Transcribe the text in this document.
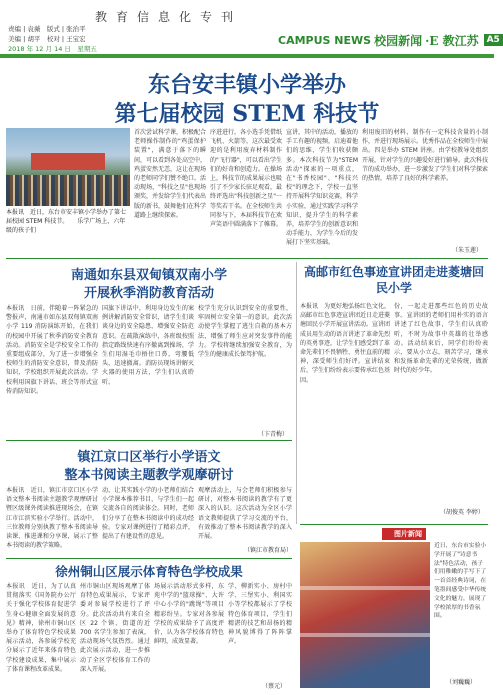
教育信息化专刊
责编 | 袁薇　版式 | 张治平
美编 | 胡平　校对 | 王宝宏
2018 年 12 月 14 日　星期五
CAMPUS NEWS 校园新闻 ·E 教江苏 A5
东台安丰镇小学举办
第七届校园 STEM 科技节
本报讯　近日，东台市安丰镇小学举办了第七届校园 STEM 科技节。　　乐学广场上，六年级的孩子们
首次尝试科学课，积极配合老师操作制作的"鸡蛋保护装置"，满意于落下的瞬间，可以看到各处高空中，鸡蛋安然无恙，这让在现场的老师同学们赞不绝口。活动现场，"科技之星"也现场颁奖，并发给学生们代表出版的新书，鼓舞他们在科学道路上继续探索。
序进进行，各小选手凭借纸飞机、火箭等，这次最受欢迎的是利用废弃材料制作的"飞行器"，可以看出学生们的好奇和创造力。在操场上，科技节的成果展示也吸引了不少家长驻足观看，最终评选出"科技创新之星"一等奖若干名。在全校师生共同参与下，本届科技节在欢声笑语中圆满落下了帷幕。
宣讲，其中的活动，播放的手工有趣的视频，启迪着他们的思维，学生们收获颇多。本次科技节为"STEM 活动"探索的一项重点，在"书香校园"、"科技兴校"的理念下，学校一直坚持开展科学知识竞赛，科学小实验，通过实践学习科学知识，提升学生的科学素养，培养学生的创新意识和动手能力，为学生今后的发展打下坚实基础。
利用废旧的材料，制作有一定科技含量的小制作，并进行现场展示。优秀作品在全校师生中展出。四是举办 STEM 讲座。由学校教导处组织开展，针对学生的兴趣爱好进行辅导。此次科技节的成功举办，进一步激发了学生们对科学探索的热情，培养了良好的科学素养。
（朱玉莲）
南通如东县双甸镇双南小学
开展秋季消防教育活动
本报讯　日前，伴随着一阵紧急的警报声，南通市如东县双甸镇双南小学 119 消防演练开始，在我们的校园中开展了秋季消防安全教育活动。消防安全是学校安全工作的重要组成部分，为了进一步增强全校师生的消防安全意识，普及消防知识，学校组织开展此次活动。学校利用国旗下讲话、班会等形式宣传消防知识。
国旗下讲话中，利用身边发生的案例讲解消防安全常识，请学生们谈谈身边的安全隐患，增强安全防范意识。在疏散演练中，各班级按照指定路线快速有序撤离到操场，学生们用湿毛巾捂住口鼻，弯腰低头，迅速撤离。消防员现场讲解灭火器的使用方法，学生们认真聆听。
校学生充分认识到安全的重要性，牢固树立安全第一的意识。此次活动使学生掌握了逃生自救的基本方法，增强了师生应对突发事件的能力。学校将继续加强安全教育，为学生的健康成长保驾护航。
（卞青梅）
高邮市红色事迹宣讲团走进菱塘回民小学
本报讯　为更好地弘扬红色文化，高邮市红色事迹宣讲团近日走进菱塘回民小学开展宣讲活动。宣讲团成员用生动的语言讲述了革命先烈的英勇事迹，让学生们感受到了革命先辈们不畏牺牲、勇往直前的精神，深受师生们好评。宣讲结束后，学生们纷纷表示要传承红色基因。
份，一起走进那些红色的历史故事。宣讲团的老师们用朴实的语言讲述了红色故事，学生们认真聆听，不时为故事中英雄的壮举感动。活动结束后，同学们纷纷表示，要从小立志，刻苦学习，继承和发扬革命先辈的光荣传统，做新时代的好少年。
（胡俊英 李婷）
镇江京口区举行小学语文
整本书阅读主题教学观摩研讨
本报讯　近日，镇江市京口区小学语文整本书阅读主题教学观摩研讨暨区级课外阅读推进现场会，在镇江市江滨实验小学举行。活动中，三位教师分别执教了整本书阅读导读课、推进课和分享课，展示了整本书阅读的教学策略。
动，让其实践小学的小老师们结合小学课本推荐书目，与学生们一起交流各自的阅读体会。同时，老师们分享了在整本书阅读中的成功经验。专家对课例进行了精彩点评，提出了有建设性的意见。
观摩活动上，与会老师们积极参与研讨，对整本书阅读的教学有了更深入的认识。这次活动为全区小学语文教师提供了学习交流的平台，有效推动了整本书阅读教学的深入开展。
（镇江市教育局）
图片新闻
近日，东台市实验小学开展了"诗意书法"特色活动，孩子们用稚嫩的手写下了一首首经典诗词，在笔墨间感受中华传统文化的魅力，展现了学校浓厚的书香氛围。
（刘巍巍）
徐州铜山区展示体育特色学校成果
本报讯　近日，为了认真贯彻落实《国务院办公厅关于强化学校体育促进学生身心健康全面发展的意见》精神，徐州市铜山区举办了体育特色学校成果展示活动，各参展学校充分展示了近年来体育特色学校建设成果，集中展示了体育课程改革成果。
州市铜山区现场观摩了体育特色成果展示，专家评委对参展学校进行了评分。此次活动共有来自全区 22 个镇、街道的近 700 名学生参加了表演，活动现场气氛热烈。通过此次展示活动，进一步推动了全区学校体育工作的深入开展。
场展示活动形式多样，东苑中学的"篮球操"、大许中心小学的"跳绳"等项目精彩纷呈。专家对各参展学校的成果给予了高度评价，认为各学校体育特色鲜明，成效显著。
学、柳新实小、房村中学、三堡实小、利国实小等学校都展示了学校特色体育项目，学生们精湛的技艺和昂扬的精神风貌博得了阵阵掌声。
（蔡元）
